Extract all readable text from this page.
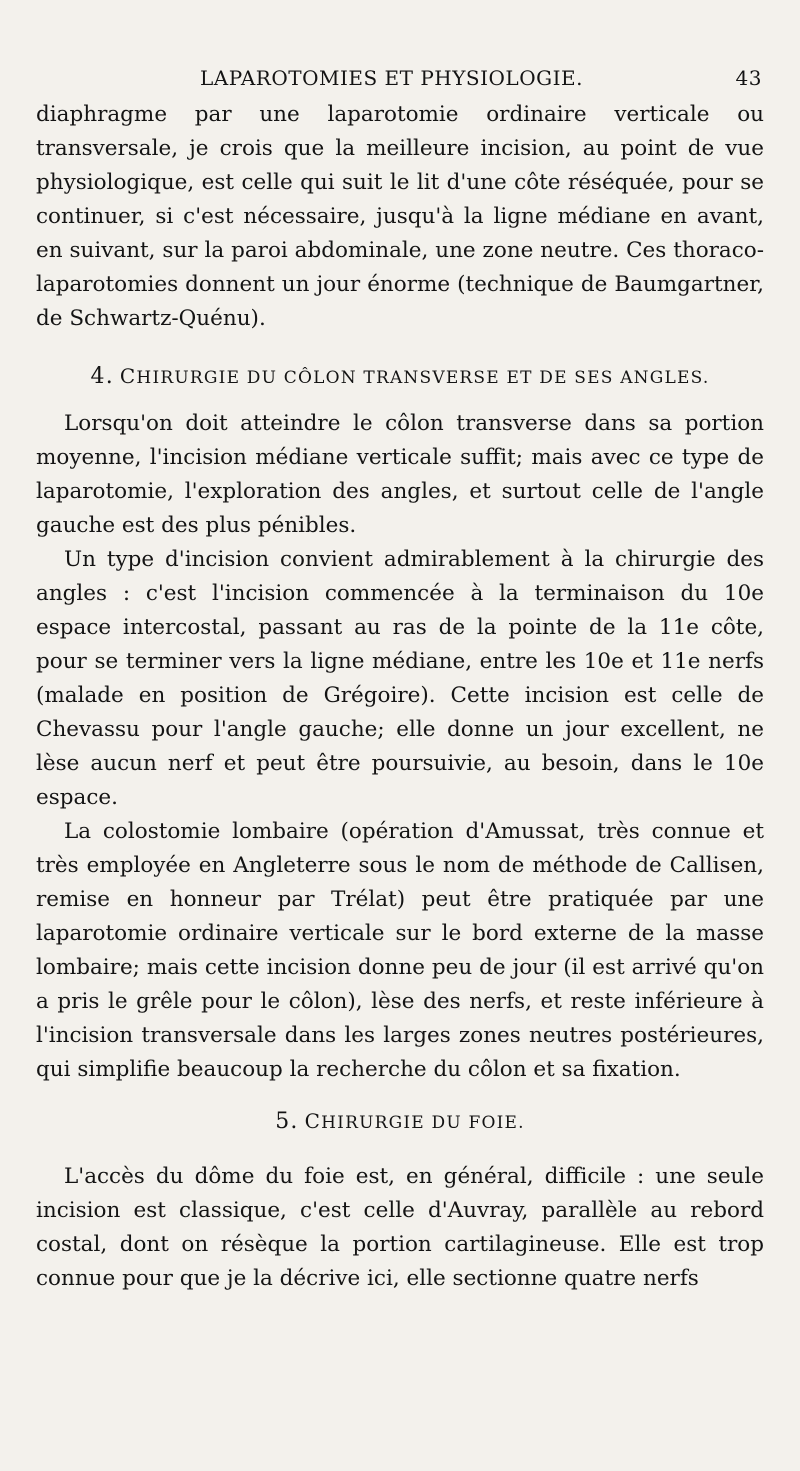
LAPAROTOMIES ET PHYSIOLOGIE.	43

diaphragme par une laparotomie ordinaire verticale ou transversale, je crois que la meilleure incision, au point de vue physiologique, est celle qui suit le lit d'une côte réséquée, pour se continuer, si c'est nécessaire, jusqu'à la ligne médiane en avant, en suivant, sur la paroi abdominale, une zone neutre. Ces thoraco-laparotomies donnent un jour énorme (technique de Baumgartner, de Schwartz-Quénu).

4. CHIRURGIE DU CÔLON TRANSVERSE ET DE SES ANGLES.

Lorsqu'on doit atteindre le côlon transverse dans sa portion moyenne, l'incision médiane verticale suffit; mais avec ce type de laparotomie, l'exploration des angles, et surtout celle de l'angle gauche est des plus pénibles.

Un type d'incision convient admirablement à la chirurgie des angles : c'est l'incision commencée à la terminaison du 10e espace intercostal, passant au ras de la pointe de la 11e côte, pour se terminer vers la ligne médiane, entre les 10e et 11e nerfs (malade en position de Grégoire). Cette incision est celle de Chevassu pour l'angle gauche; elle donne un jour excellent, ne lèse aucun nerf et peut être poursuivie, au besoin, dans le 10e espace.

La colostomie lombaire (opération d'Amussat, très connue et très employée en Angleterre sous le nom de méthode de Callisen, remise en honneur par Trélat) peut être pratiquée par une laparotomie ordinaire verticale sur le bord externe de la masse lombaire; mais cette incision donne peu de jour (il est arrivé qu'on a pris le grêle pour le côlon), lèse des nerfs, et reste inférieure à l'incision transversale dans les larges zones neutres postérieures, qui simplifie beaucoup la recherche du côlon et sa fixation.

5. CHIRURGIE DU FOIE.

L'accès du dôme du foie est, en général, difficile : une seule incision est classique, c'est celle d'Auvray, parallèle au rebord costal, dont on résèque la portion cartilagineuse. Elle est trop connue pour que je la décrive ici, elle sectionne quatre nerfs
